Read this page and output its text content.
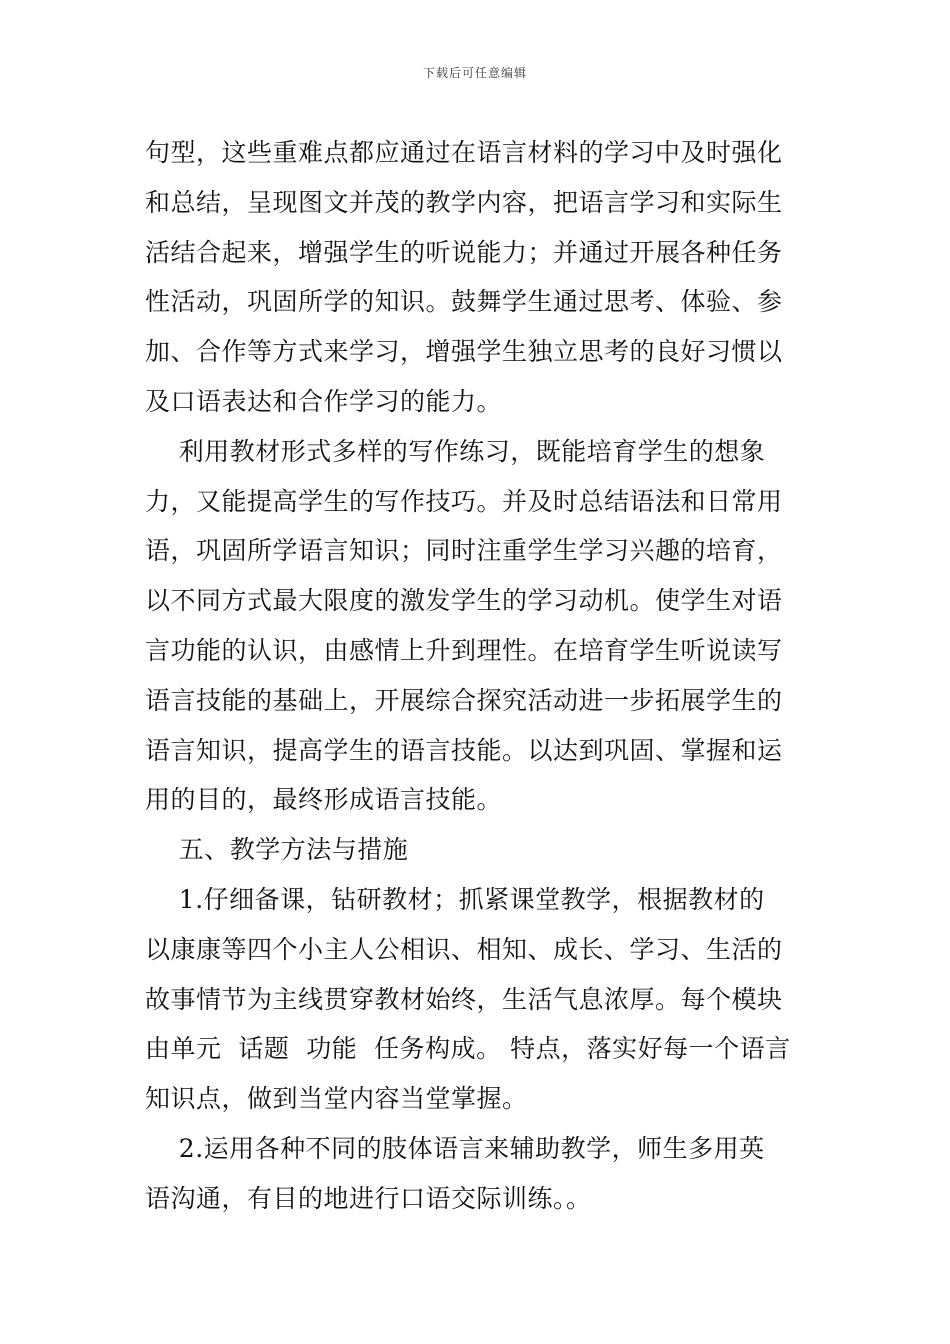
下载后可任意编辑
句型，这些重难点都应通过在语言材料的学习中及时强化
和总结，呈现图文并茂的教学内容，把语言学习和实际生
活结合起来，增强学生的听说能力；并通过开展各种任务
性活动，巩固所学的知识。鼓舞学生通过思考、体验、参
加、合作等方式来学习，增强学生独立思考的良好习惯以
及口语表达和合作学习的能力。
利用教材形式多样的写作练习，既能培育学生的想象
力，又能提高学生的写作技巧。并及时总结语法和日常用
语，巩固所学语言知识；同时注重学生学习兴趣的培育，
以不同方式最大限度的激发学生的学习动机。使学生对语
言功能的认识，由感情上升到理性。在培育学生听说读写
语言技能的基础上，开展综合探究活动进一步拓展学生的
语言知识，提高学生的语言技能。以达到巩固、掌握和运
用的目的，最终形成语言技能。
五、教学方法与措施
1.仔细备课，钻研教材；抓紧课堂教学，根据教材的
以康康等四个小主人公相识、相知、成长、学习、生活的
故事情节为主线贯穿教材始终，生活气息浓厚。每个模块
由单元  话题  功能  任务构成。 特点，落实好每一个语言
知识点，做到当堂内容当堂掌握。
2.运用各种不同的肢体语言来辅助教学，师生多用英
语沟通，有目的地进行口语交际训练。。
